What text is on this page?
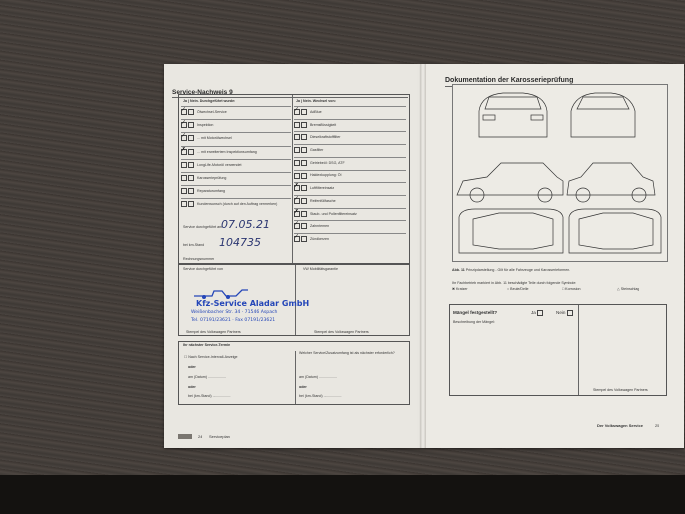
Service-Nachweis 9
Ja | Nein. Durchgeführt wurde:	Ja | Nein. Wechsel von:
✓	Ölwechsel-Service
✓	Inspektion
✓	... mit Motorölwechsel
✗	... mit erweitertem Inspektionsumfang
LongLife-Motoröl verwendet
Karosserieprüfung
Reparaturumfang
Kundenwunsch (durch auf den Auftrag vermerken)
✓	AdBlue
Bremsflüssigkeit
Dieselkraftstofffilter
Gasfilter
Getriebeöl: DSG, ATF
Haldexkupplung: Öl
✗	Luftfiltereinsatz
✓	Reifenfüllfasche
✗	Staub- und Pollenfiltereinsatz
✓	Zahnriemen
✓	Zündkerzen
Service durchgeführt am
07.05.21
bei km-Stand 104735
Rechnungsnummer
Service durchgeführt von	VW Mobilitätsgarantie
Kfz-Service Aladar GmbH
Weißenbacher Str. 34 · 71546 Aspach
Tel. 07191/23621 · Fax 07191/23621
Stempel des Volkswagen Partners	Stempel des Volkswagen Partners
Ihr nächster Service-Termin
☐ Nach Service-Intervall-Anzeige
oder
am (Datum) ..................
oder
bei (km-Stand) ..................
Welcher Service/Zusatzumfang ist als nächster erforderlich?
am (Datum) ..................
oder
bei (km-Stand) ..................
24 Serviceplan
Dokumentation der Karosserieprüfung
Abb. 11 Prinzipdarstellung - Gilt für alle Fahrzeuge und Karosserieformen.
Ihr Fachbetrieb markiert in Abb. 11 beschädigte Teile durch folgende Symbole:
✖ Kratzer	○ Beule/Delle	□ Korrosion	△ Steinschlag
Mängel festgestellt?	Ja	Nein
Beschreibung der Mängel:
Stempel des Volkswagen Partners
Der Volkswagen Service	25
